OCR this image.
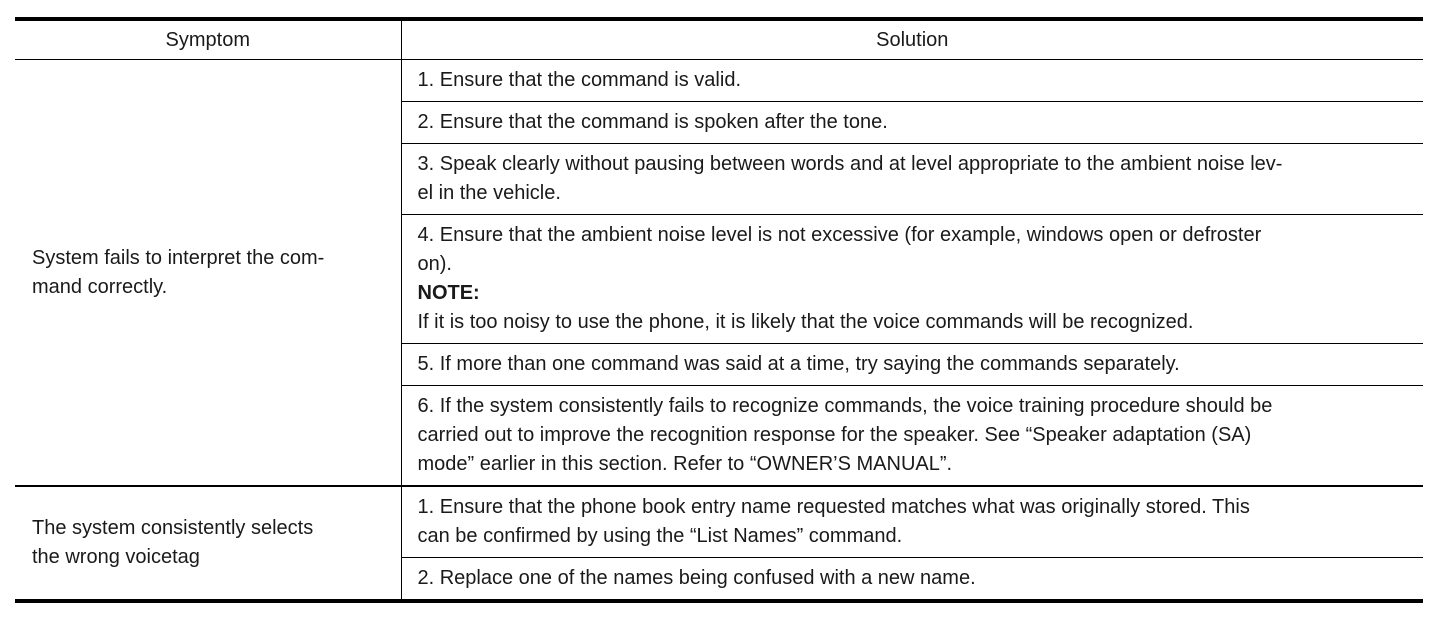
Symptom	Solution

System fails to interpret the com-
mand correctly.	1. Ensure that the command is valid.
	2. Ensure that the command is spoken after the tone.

	3. Speak clearly without pausing between words and at level appropriate to the ambient noise lev-
el in the vehicle.

	4. Ensure that the ambient noise level is not excessive (for example, windows open or defroster
on).
NOTE:
If it is too noisy to use the phone, it is likely that the voice commands will be recognized.

	5. If more than one command was said at a time, try saying the commands separately.

	6. If the system consistently fails to recognize commands, the voice training procedure should be
carried out to improve the recognition response for the speaker. See “Speaker adaptation (SA)
mode” earlier in this section. Refer to “OWNER’S MANUAL”.

The system consistently selects
the wrong voicetag	1. Ensure that the phone book entry name requested matches what was originally stored. This
can be confirmed by using the “List Names” command.

	2. Replace one of the names being confused with a new name.
